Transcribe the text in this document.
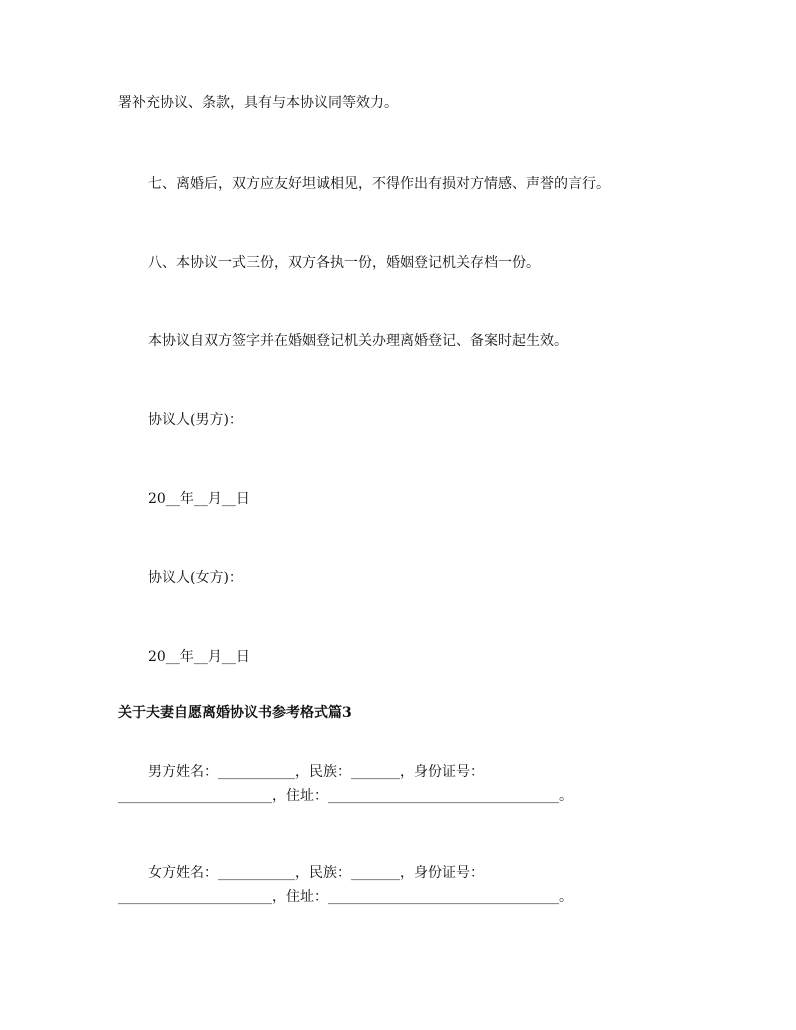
署补充协议、条款，具有与本协议同等效力。
七、离婚后，双方应友好坦诚相见，不得作出有损对方情感、声誉的言行。
八、本协议一式三份，双方各执一份，婚姻登记机关存档一份。
本协议自双方签字并在婚姻登记机关办理离婚登记、备案时起生效。
协议人(男方)：
20__年__月__日
协议人(女方)：
20__年__月__日
关于夫妻自愿离婚协议书参考格式篇3
男方姓名：___________，民族：_______，身份证号：
______________________，住址：_________________________________。
女方姓名：___________，民族：_______，身份证号：
______________________，住址：_________________________________。
